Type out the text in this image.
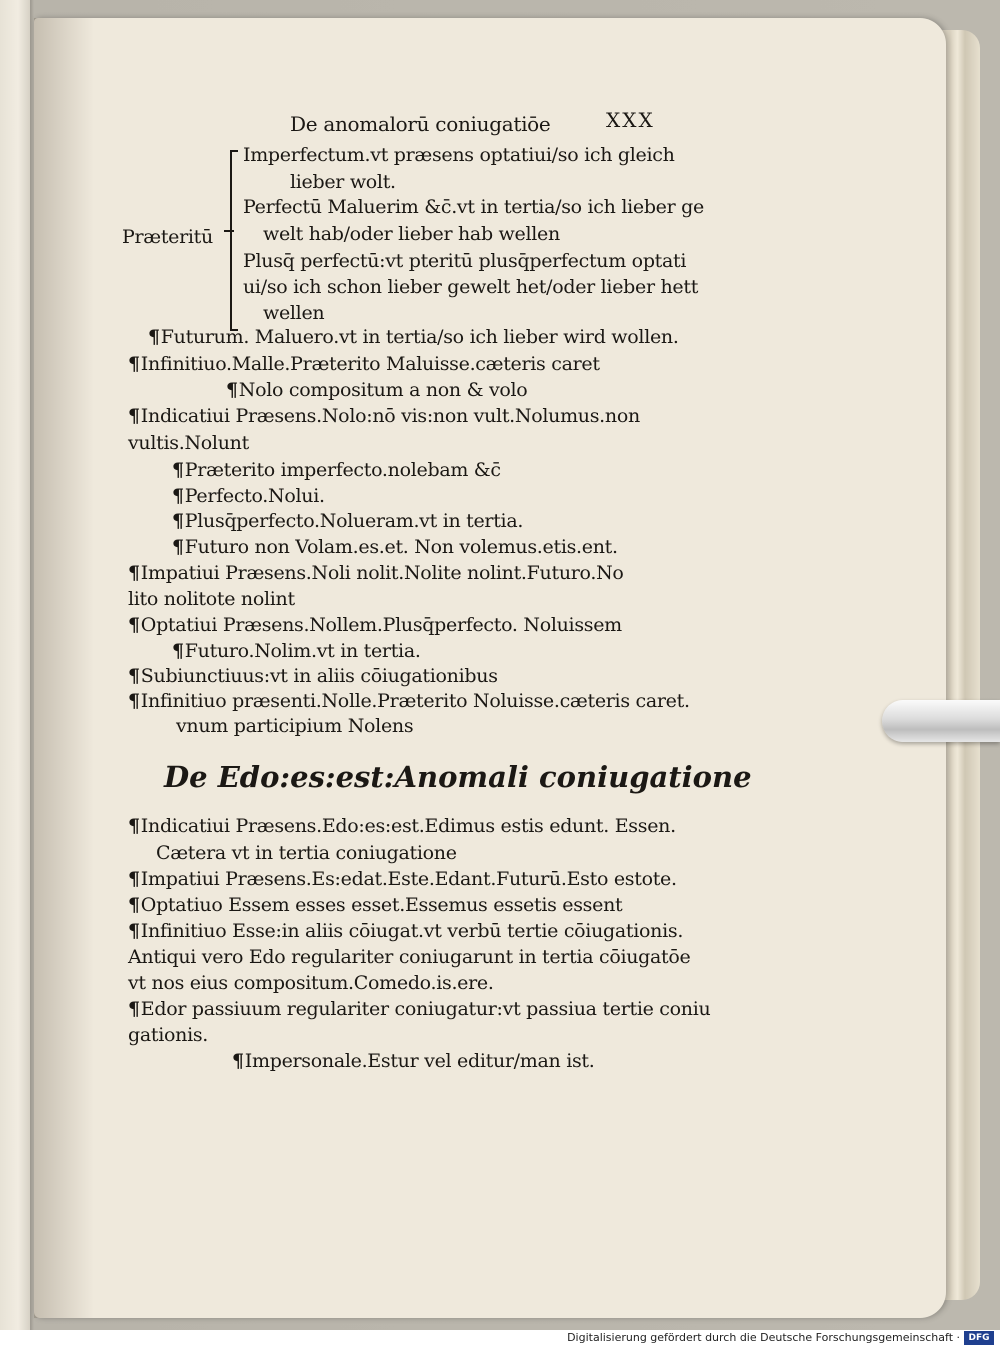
De anomalorū coniugatiōe	XXX
Præteritū
Imperfectum.vt præsens optatiui/so ich gleich
lieber wolt.
Perfectū Maluerim &c̄.vt in tertia/so ich lieber ge
welt hab/oder lieber hab wellen
Plusq̄ perfectū:vt pteritū plusq̄perfectum optati
ui/so ich schon lieber gewelt het/oder lieber hett
wellen
¶Futurum. Maluero.vt in tertia/so ich lieber wird wollen.
¶Infinitiuo.Malle.Præterito Maluisse.cæteris caret
¶Nolo compositum a non & volo
¶Indicatiui Præsens.Nolo:nō vis:non vult.Nolumus.non
vultis.Nolunt
¶Præterito imperfecto.nolebam &c̄
¶Perfecto.Nolui.
¶Plusq̄perfecto.Nolueram.vt in tertia.
¶Futuro non Volam.es.et. Non volemus.etis.ent.
¶Impatiui Præsens.Noli nolit.Nolite nolint.Futuro.No
lito nolitote nolint
¶Optatiui Præsens.Nollem.Plusq̄perfecto. Noluissem
¶Futuro.Nolim.vt in tertia.
¶Subiunctiuus:vt in aliis cōiugationibus
¶Infinitiuo præsenti.Nolle.Præterito Noluisse.cæteris caret.
vnum participium Nolens
De Edo:es:est:Anomali coniugatione
¶Indicatiui Præsens.Edo:es:est.Edimus estis edunt. Essen.
Cætera vt in tertia coniugatione
¶Impatiui Præsens.Es:edat.Este.Edant.Futurū.Esto estote.
¶Optatiuo Essem esses esset.Essemus essetis essent
¶Infinitiuo Esse:in aliis cōiugat.vt verbū tertie cōiugationis.
Antiqui vero Edo regulariter coniugarunt in tertia cōiugatōe
vt nos eius compositum.Comedo.is.ere.
¶Edor passiuum regulariter coniugatur:vt passiua tertie coniu
gationis.
¶Impersonale.Estur vel editur/man ist.
Digitalisierung gefördert durch die Deutsche Forschungsgemeinschaft · DFG
